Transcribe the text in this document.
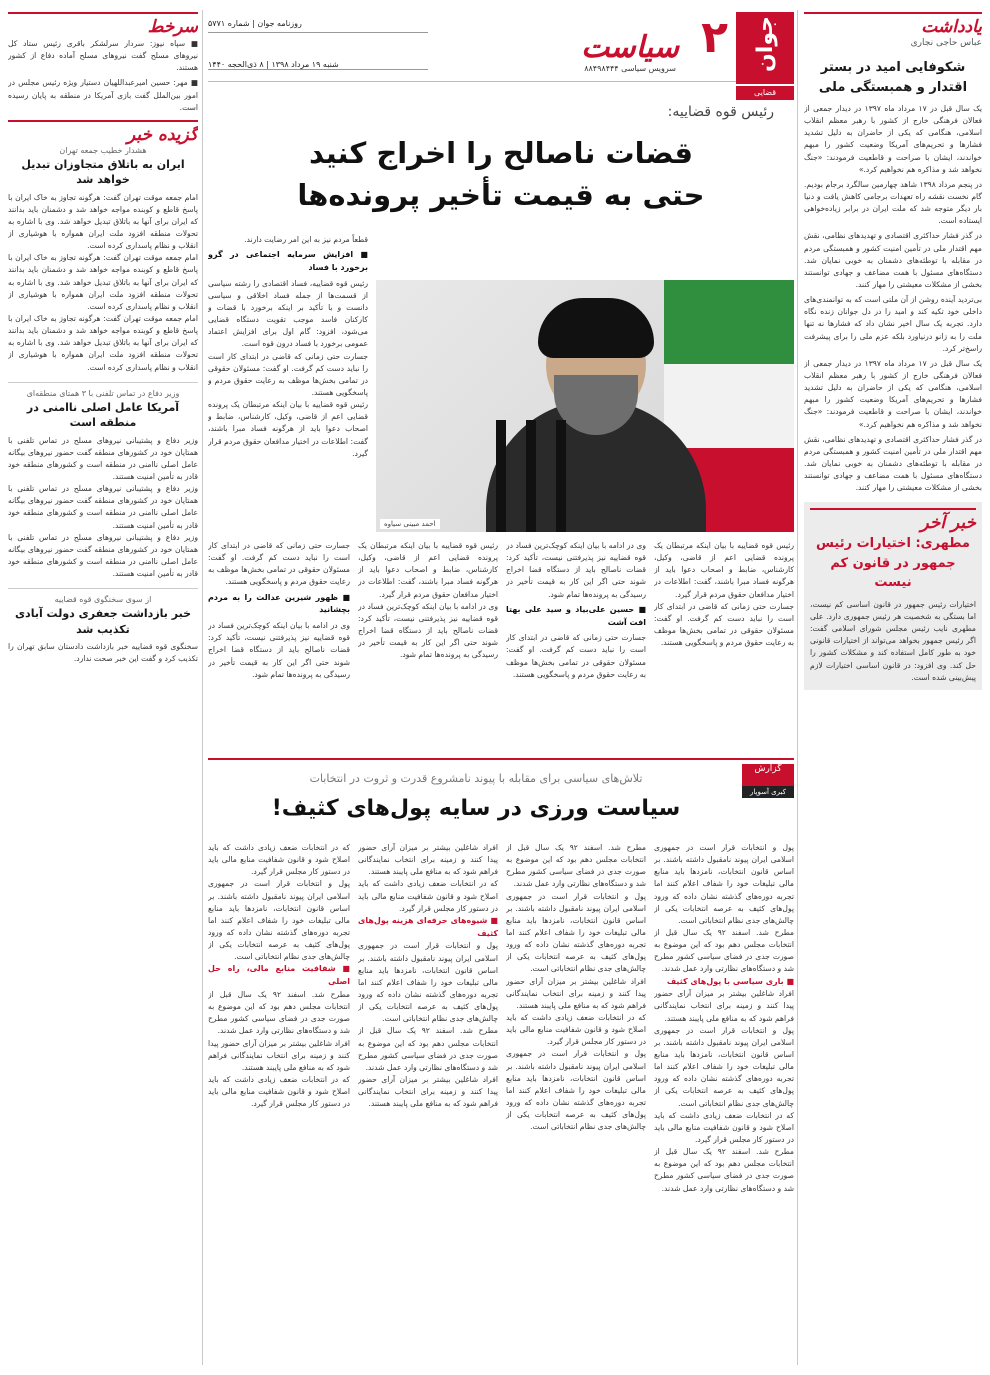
یادداشت
عباس حاجی نجاری
شکوفایی امید در بستر اقتدار و همبستگی ملی

یک سال قبل در ۱۷ مرداد ماه ۱۳۹۷ در دیدار جمعی از فعالان فرهنگی خارج از کشور با رهبر معظم انقلاب اسلامی، هنگامی که یکی از حاضران به دلیل تشدید فشارها و تحریم‌های آمریکا وضعیت کشور را مبهم خواندند، ایشان با صراحت و قاطعیت فرمودند: «جنگ نخواهد شد و مذاکره هم نخواهیم کرد.»

در پنجم مرداد ۱۳۹۸ شاهد چهارمین سالگرد برجام بودیم. گام نخست نقشه راه تعهدات برجامی کاهش یافت و دنیا بار دیگر متوجه شد که ملت ایران در برابر زیاده‌خواهی ایستاده است.

در گذر فشار حداکثری اقتصادی و تهدیدهای نظامی، نقش مهم اقتدار ملی در تأمین امنیت کشور و همبستگی مردم در مقابله با توطئه‌های دشمنان به خوبی نمایان شد. دستگاه‌های مسئول با همت مضاعف و جهادی توانستند بخشی از مشکلات معیشتی را مهار کنند.

بی‌تردید آینده روشن از آن ملتی است که به توانمندی‌های داخلی خود تکیه کند و امید را در دل جوانان زنده نگاه دارد. تجربه یک سال اخیر نشان داد که فشارها نه تنها ملت را به زانو درنیاورد بلکه عزم ملی را برای پیشرفت راسخ‌تر کرد.

یک سال قبل در ۱۷ مرداد ماه ۱۳۹۷ در دیدار جمعی از فعالان فرهنگی خارج از کشور با رهبر معظم انقلاب اسلامی، هنگامی که یکی از حاضران به دلیل تشدید فشارها و تحریم‌های آمریکا وضعیت کشور را مبهم خواندند، ایشان با صراحت و قاطعیت فرمودند: «جنگ نخواهد شد و مذاکره هم نخواهیم کرد.»

در گذر فشار حداکثری اقتصادی و تهدیدهای نظامی، نقش مهم اقتدار ملی در تأمین امنیت کشور و همبستگی مردم در مقابله با توطئه‌های دشمنان به خوبی نمایان شد. دستگاه‌های مسئول با همت مضاعف و جهادی توانستند بخشی از مشکلات معیشتی را مهار کنند.

خبر آخر
مطهری: اختیارات رئیس جمهور در قانون کم نیست
اختیارات رئیس جمهور در قانون اساسی کم نیست، اما بستگی به شخصیت هر رئیس جمهوری دارد. علی مطهری نایب رئیس مجلس شورای اسلامی گفت: اگر رئیس جمهور بخواهد می‌تواند از اختیارات قانونی خود به طور کامل استفاده کند و مشکلات کشور را حل کند. وی افزود: در قانون اساسی اختیارات لازم پیش‌بینی شده است.
سرخط

■ سپاه نیوز: سردار سرلشکر باقری رئیس ستاد کل نیروهای مسلح گفت نیروهای مسلح آماده دفاع از کشور هستند.

■ مهر: حسین امیرعبداللهیان دستیار ویژه رئیس مجلس در امور بین‌الملل گفت بازی آمریکا در منطقه به پایان رسیده است.

گزیده خبر
هشدار خطیب جمعه تهران
ایران به باتلاق متجاوزان تبدیل خواهد شد
امام جمعه موقت تهران گفت: هرگونه تجاوز به خاک ایران با پاسخ قاطع و کوبنده مواجه خواهد شد و دشمنان باید بدانند که ایران برای آنها به باتلاق تبدیل خواهد شد. وی با اشاره به تحولات منطقه افزود ملت ایران همواره با هوشیاری از انقلاب و نظام پاسداری کرده است.
امام جمعه موقت تهران گفت: هرگونه تجاوز به خاک ایران با پاسخ قاطع و کوبنده مواجه خواهد شد و دشمنان باید بدانند که ایران برای آنها به باتلاق تبدیل خواهد شد. وی با اشاره به تحولات منطقه افزود ملت ایران همواره با هوشیاری از انقلاب و نظام پاسداری کرده است.
امام جمعه موقت تهران گفت: هرگونه تجاوز به خاک ایران با پاسخ قاطع و کوبنده مواجه خواهد شد و دشمنان باید بدانند که ایران برای آنها به باتلاق تبدیل خواهد شد. وی با اشاره به تحولات منطقه افزود ملت ایران همواره با هوشیاری از انقلاب و نظام پاسداری کرده است.
وزیر دفاع در تماس تلفنی با ۳ همتای منطقه‌ای
آمریکا عامل اصلی ناامنی در منطقه است
وزیر دفاع و پشتیبانی نیروهای مسلح در تماس تلفنی با همتایان خود در کشورهای منطقه گفت حضور نیروهای بیگانه عامل اصلی ناامنی در منطقه است و کشورهای منطقه خود قادر به تأمین امنیت هستند.
وزیر دفاع و پشتیبانی نیروهای مسلح در تماس تلفنی با همتایان خود در کشورهای منطقه گفت حضور نیروهای بیگانه عامل اصلی ناامنی در منطقه است و کشورهای منطقه خود قادر به تأمین امنیت هستند.
وزیر دفاع و پشتیبانی نیروهای مسلح در تماس تلفنی با همتایان خود در کشورهای منطقه گفت حضور نیروهای بیگانه عامل اصلی ناامنی در منطقه است و کشورهای منطقه خود قادر به تأمین امنیت هستند.
از سوی سخنگوی قوه قضاییه
خبر بازداشت جعفری دولت آبادی تکذیب شد
سخنگوی قوه قضاییه خبر بازداشت دادستان سابق تهران را تکذیب کرد و گفت این خبر صحت ندارد.
جوان
۲
سیاست
سرویس سیاسی ۸۸۴۹۸۴۴۴
روزنامه جوان | شماره ۵۷۷۱
شنبه ۱۹ مرداد ۱۳۹۸ | ۸ ذی‌الحجه ۱۴۴۰
قضایی
رئیس قوه قضاییه:
قضات ناصالح را اخراج کنید
حتی به قیمت تأخیر پرونده‌ها
قطعاً مردم نیز به این امر رضایت دارند.
■ افزایش سرمایه اجتماعی در گرو برخورد با فساد
رئیس قوه قضاییه، فساد اقتصادی را رشته سیاسی از قسمت‌ها از جمله فساد اخلاقی و سیاسی دانست و با تأکید بر اینکه برخورد با قضات و کارکنان فاسد موجب تقویت دستگاه قضایی می‌شود، افزود: گام اول برای افزایش اعتماد عمومی برخورد با فساد درون قوه است.
جسارت حتی زمانی که قاضی در ابتدای کار است را نباید دست کم گرفت. او گفت: مسئولان حقوقی در تمامی بخش‌ها موظف به رعایت حقوق مردم و پاسخگویی هستند.
رئیس قوه قضاییه با بیان اینکه مرتبطان یک پرونده قضایی اعم از قاضی، وکیل، کارشناس، ضابط و اصحاب دعوا باید از هرگونه فساد مبرا باشند، گفت: اطلاعات در اختیار مدافعان حقوق مردم قرار گیرد.
احمد مبینی سیاوه
رئیس قوه قضاییه با بیان اینکه مرتبطان یک پرونده قضایی اعم از قاضی، وکیل، کارشناس، ضابط و اصحاب دعوا باید از هرگونه فساد مبرا باشند، گفت: اطلاعات در اختیار مدافعان حقوق مردم قرار گیرد.
جسارت حتی زمانی که قاضی در ابتدای کار است را نباید دست کم گرفت. او گفت: مسئولان حقوقی در تمامی بخش‌ها موظف به رعایت حقوق مردم و پاسخگویی هستند.
وی در ادامه با بیان اینکه کوچک‌ترین فساد در قوه قضاییه نیز پذیرفتنی نیست، تأکید کرد: قضات ناصالح باید از دستگاه قضا اخراج شوند حتی اگر این کار به قیمت تأخیر در رسیدگی به پرونده‌ها تمام شود.
■ حسین علی‌بیاد و سید علی بهتا افت آشت
جسارت حتی زمانی که قاضی در ابتدای کار است را نباید دست کم گرفت. او گفت: مسئولان حقوقی در تمامی بخش‌ها موظف به رعایت حقوق مردم و پاسخگویی هستند.
رئیس قوه قضاییه با بیان اینکه مرتبطان یک پرونده قضایی اعم از قاضی، وکیل، کارشناس، ضابط و اصحاب دعوا باید از هرگونه فساد مبرا باشند، گفت: اطلاعات در اختیار مدافعان حقوق مردم قرار گیرد.
وی در ادامه با بیان اینکه کوچک‌ترین فساد در قوه قضاییه نیز پذیرفتنی نیست، تأکید کرد: قضات ناصالح باید از دستگاه قضا اخراج شوند حتی اگر این کار به قیمت تأخیر در رسیدگی به پرونده‌ها تمام شود.
جسارت حتی زمانی که قاضی در ابتدای کار است را نباید دست کم گرفت. او گفت: مسئولان حقوقی در تمامی بخش‌ها موظف به رعایت حقوق مردم و پاسخگویی هستند.
■ ظهور شیرین عدالت را به مردم بچشانید
وی در ادامه با بیان اینکه کوچک‌ترین فساد در قوه قضاییه نیز پذیرفتنی نیست، تأکید کرد: قضات ناصالح باید از دستگاه قضا اخراج شوند حتی اگر این کار به قیمت تأخیر در رسیدگی به پرونده‌ها تمام شود.
گزارش
کبری آسوپار
تلاش‌های سیاسی برای مقابله با پیوند نامشروع قدرت و ثروت در انتخابات
سیاست ورزی در سایه پول‌های کثیف!
پول و انتخابات قرار است در جمهوری اسلامی ایران پیوند نامقبول داشته باشند. بر اساس قانون انتخابات، نامزدها باید منابع مالی تبلیغات خود را شفاف اعلام کنند اما تجربه دوره‌های گذشته نشان داده که ورود پول‌های کثیف به عرصه انتخابات یکی از چالش‌های جدی نظام انتخاباتی است.
مطرح شد. اسفند ۹۲ یک سال قبل از انتخابات مجلس دهم بود که این موضوع به صورت جدی در فضای سیاسی کشور مطرح شد و دستگاه‌های نظارتی وارد عمل شدند.
■ باری سیاسی با پول‌های کثیف
افراد شاغلین بیشتر بر میزان آرای حضور پیدا کنند و زمینه برای انتخاب نمایندگانی فراهم شود که به منافع ملی پایبند هستند.
پول و انتخابات قرار است در جمهوری اسلامی ایران پیوند نامقبول داشته باشند. بر اساس قانون انتخابات، نامزدها باید منابع مالی تبلیغات خود را شفاف اعلام کنند اما تجربه دوره‌های گذشته نشان داده که ورود پول‌های کثیف به عرصه انتخابات یکی از چالش‌های جدی نظام انتخاباتی است.
که در انتخابات ضعف زیادی داشت که باید اصلاح شود و قانون شفافیت منابع مالی باید در دستور کار مجلس قرار گیرد.
مطرح شد. اسفند ۹۲ یک سال قبل از انتخابات مجلس دهم بود که این موضوع به صورت جدی در فضای سیاسی کشور مطرح شد و دستگاه‌های نظارتی وارد عمل شدند.
مطرح شد. اسفند ۹۲ یک سال قبل از انتخابات مجلس دهم بود که این موضوع به صورت جدی در فضای سیاسی کشور مطرح شد و دستگاه‌های نظارتی وارد عمل شدند.
پول و انتخابات قرار است در جمهوری اسلامی ایران پیوند نامقبول داشته باشند. بر اساس قانون انتخابات، نامزدها باید منابع مالی تبلیغات خود را شفاف اعلام کنند اما تجربه دوره‌های گذشته نشان داده که ورود پول‌های کثیف به عرصه انتخابات یکی از چالش‌های جدی نظام انتخاباتی است.
افراد شاغلین بیشتر بر میزان آرای حضور پیدا کنند و زمینه برای انتخاب نمایندگانی فراهم شود که به منافع ملی پایبند هستند.
که در انتخابات ضعف زیادی داشت که باید اصلاح شود و قانون شفافیت منابع مالی باید در دستور کار مجلس قرار گیرد.
پول و انتخابات قرار است در جمهوری اسلامی ایران پیوند نامقبول داشته باشند. بر اساس قانون انتخابات، نامزدها باید منابع مالی تبلیغات خود را شفاف اعلام کنند اما تجربه دوره‌های گذشته نشان داده که ورود پول‌های کثیف به عرصه انتخابات یکی از چالش‌های جدی نظام انتخاباتی است.
افراد شاغلین بیشتر بر میزان آرای حضور پیدا کنند و زمینه برای انتخاب نمایندگانی فراهم شود که به منافع ملی پایبند هستند.
که در انتخابات ضعف زیادی داشت که باید اصلاح شود و قانون شفافیت منابع مالی باید در دستور کار مجلس قرار گیرد.
■ شیوه‌های حرفه‌ای هزینه پول‌های کثیف
پول و انتخابات قرار است در جمهوری اسلامی ایران پیوند نامقبول داشته باشند. بر اساس قانون انتخابات، نامزدها باید منابع مالی تبلیغات خود را شفاف اعلام کنند اما تجربه دوره‌های گذشته نشان داده که ورود پول‌های کثیف به عرصه انتخابات یکی از چالش‌های جدی نظام انتخاباتی است.
مطرح شد. اسفند ۹۲ یک سال قبل از انتخابات مجلس دهم بود که این موضوع به صورت جدی در فضای سیاسی کشور مطرح شد و دستگاه‌های نظارتی وارد عمل شدند.
افراد شاغلین بیشتر بر میزان آرای حضور پیدا کنند و زمینه برای انتخاب نمایندگانی فراهم شود که به منافع ملی پایبند هستند.
که در انتخابات ضعف زیادی داشت که باید اصلاح شود و قانون شفافیت منابع مالی باید در دستور کار مجلس قرار گیرد.
پول و انتخابات قرار است در جمهوری اسلامی ایران پیوند نامقبول داشته باشند. بر اساس قانون انتخابات، نامزدها باید منابع مالی تبلیغات خود را شفاف اعلام کنند اما تجربه دوره‌های گذشته نشان داده که ورود پول‌های کثیف به عرصه انتخابات یکی از چالش‌های جدی نظام انتخاباتی است.
■ شفافیت منابع مالی، راه حل اصلی
مطرح شد. اسفند ۹۲ یک سال قبل از انتخابات مجلس دهم بود که این موضوع به صورت جدی در فضای سیاسی کشور مطرح شد و دستگاه‌های نظارتی وارد عمل شدند.
افراد شاغلین بیشتر بر میزان آرای حضور پیدا کنند و زمینه برای انتخاب نمایندگانی فراهم شود که به منافع ملی پایبند هستند.
که در انتخابات ضعف زیادی داشت که باید اصلاح شود و قانون شفافیت منابع مالی باید در دستور کار مجلس قرار گیرد.
